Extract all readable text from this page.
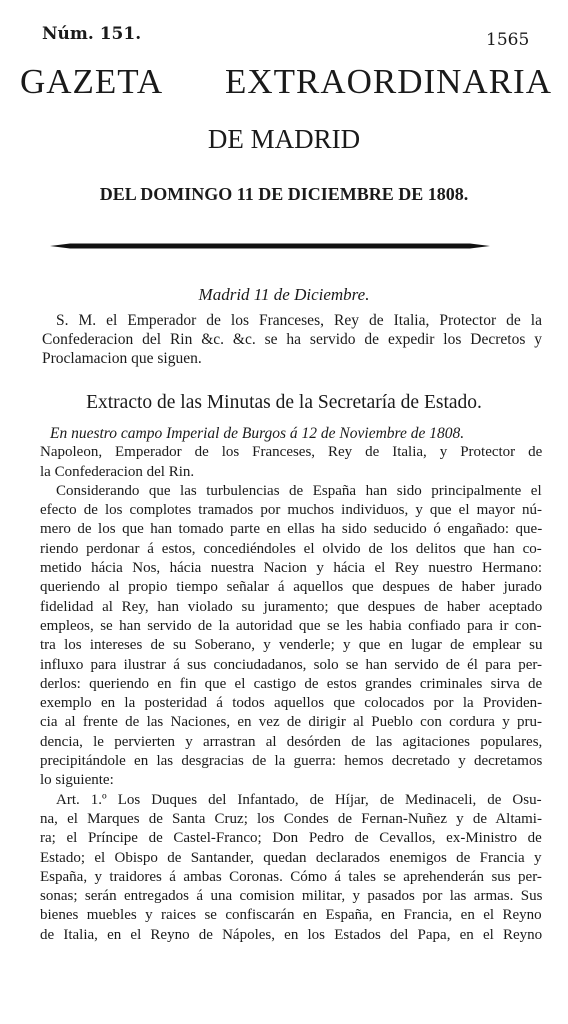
Núm. 151.	1565
GAZETA EXTRAORDINARIA
DE MADRID
DEL DOMINGO 11 DE DICIEMBRE DE 1808.
Madrid 11 de Diciembre.

S. M. el Emperador de los Franceses, Rey de Italia, Protector de la Confederacion del Rin &c. &c. se ha servido de expedir los Decretos y Proclamacion que siguen.

Extracto de las Minutas de la Secretaría de Estado.
En nuestro campo Imperial de Burgos á 12 de Noviembre de 1808.
Napoleon, Emperador de los Franceses, Rey de Italia, y Protector de
la Confederacion del Rin.
Considerando que las turbulencias de España han sido principalmente el
efecto de los complotes tramados por muchos individuos, y que el mayor nú-
mero de los que han tomado parte en ellas ha sido seducido ó engañado: que-
riendo perdonar á estos, concediéndoles el olvido de los delitos que han co-
metido hácia Nos, hácia nuestra Nacion y hácia el Rey nuestro Hermano:
queriendo al propio tiempo señalar á aquellos que despues de haber jurado
fidelidad al Rey, han violado su juramento; que despues de haber aceptado
empleos, se han servido de la autoridad que se les habia confiado para ir con-
tra los intereses de su Soberano, y venderle; y que en lugar de emplear su
influxo para ilustrar á sus conciudadanos, solo se han servido de él para per-
derlos: queriendo en fin que el castigo de estos grandes criminales sirva de
exemplo en la posteridad á todos aquellos que colocados por la Providen-
cia al frente de las Naciones, en vez de dirigir al Pueblo con cordura y pru-
dencia, le pervierten y arrastran al desórden de las agitaciones populares,
precipitándole en las desgracias de la guerra: hemos decretado y decretamos
lo siguiente:
Art. 1.º Los Duques del Infantado, de Híjar, de Medinaceli, de Osu-
na, el Marques de Santa Cruz; los Condes de Fernan-Nuñez y de Altami-
ra; el Príncipe de Castel-Franco; Don Pedro de Cevallos, ex-Ministro de
Estado; el Obispo de Santander, quedan declarados enemigos de Francia y
España, y traidores á ambas Coronas. Cómo á tales se aprehenderán sus per-
sonas; serán entregados á una comision militar, y pasados por las armas. Sus
bienes muebles y raices se confiscarán en España, en Francia, en el Reyno
de Italia, en el Reyno de Nápoles, en los Estados del Papa, en el Reyno
